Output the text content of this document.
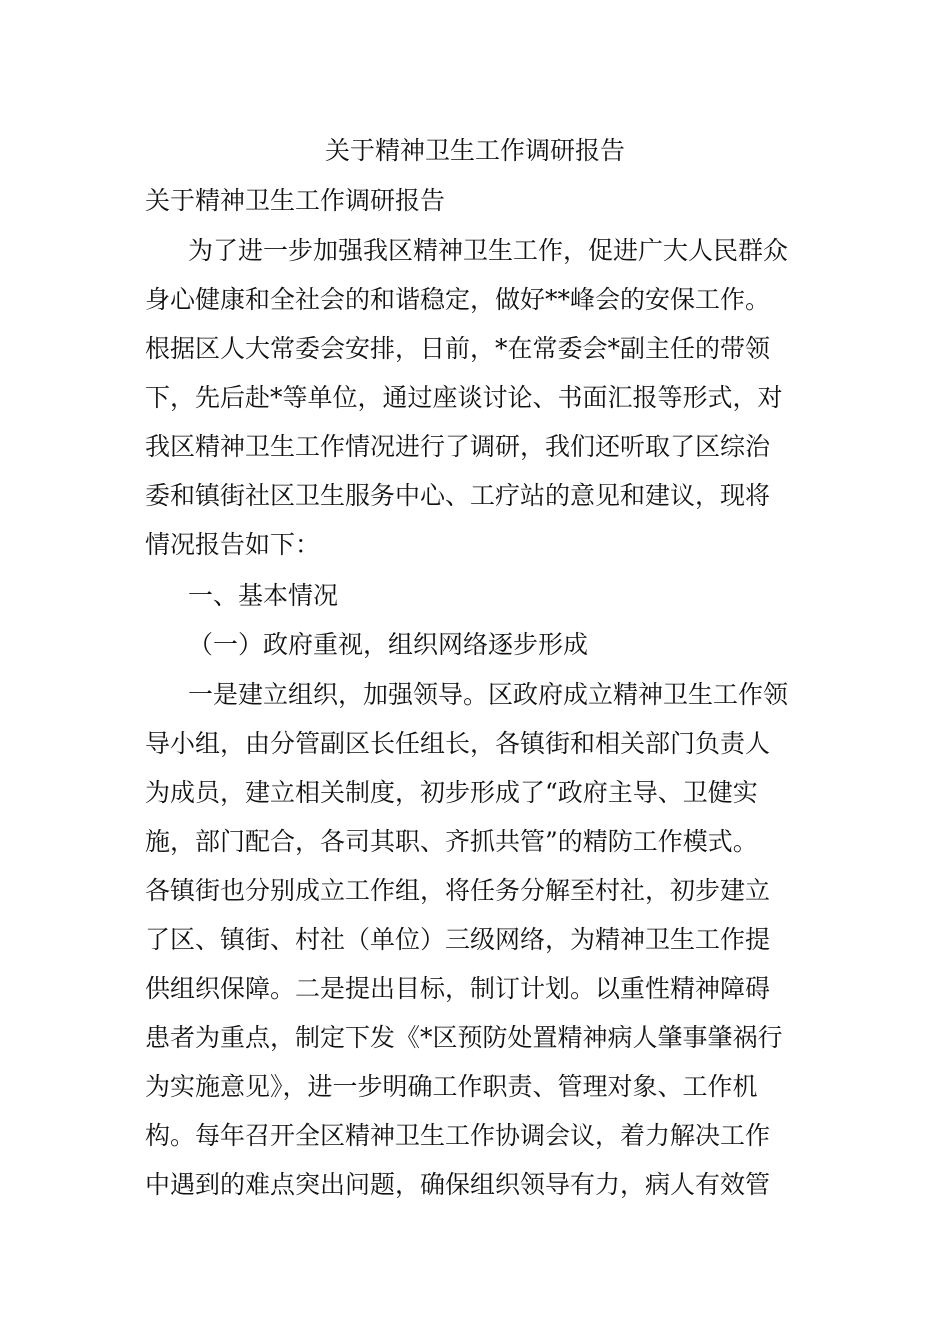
关于精神卫生工作调研报告
关于精神卫生工作调研报告
为了进一步加强我区精神卫生工作，促进广大人民群众
身心健康和全社会的和谐稳定，做好**峰会的安保工作。
根据区人大常委会安排，日前，*在常委会*副主任的带领
下，先后赴*等单位，通过座谈讨论、书面汇报等形式，对
我区精神卫生工作情况进行了调研，我们还听取了区综治
委和镇街社区卫生服务中心、工疗站的意见和建议，现将
情况报告如下：
一、基本情况
（一）政府重视，组织网络逐步形成
一是建立组织，加强领导。区政府成立精神卫生工作领
导小组，由分管副区长任组长，各镇街和相关部门负责人
为成员，建立相关制度，初步形成了“政府主导、卫健实
施，部门配合，各司其职、齐抓共管”的精防工作模式。
各镇街也分别成立工作组，将任务分解至村社，初步建立
了区、镇街、村社（单位）三级网络，为精神卫生工作提
供组织保障。二是提出目标，制订计划。以重性精神障碍
患者为重点，制定下发《*区预防处置精神病人肇事肇祸行
为实施意见》，进一步明确工作职责、管理对象、工作机
构。每年召开全区精神卫生工作协调会议，着力解决工作
中遇到的难点突出问题，确保组织领导有力，病人有效管
